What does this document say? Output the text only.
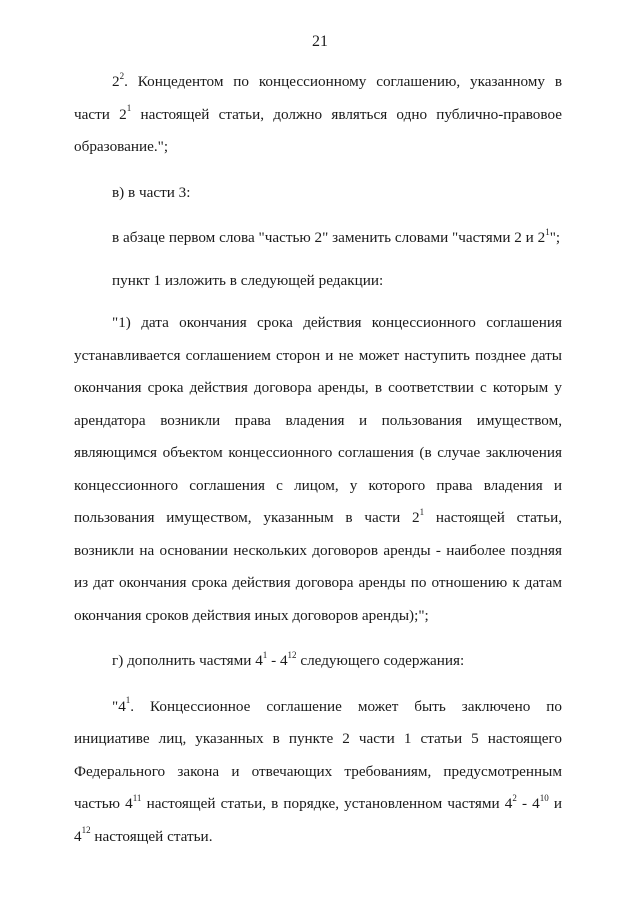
21

$2^2$. Концедентом по концессионному соглашению, указанному в части $2^1$ настоящей статьи, должно являться одно публично-правовое образование.";

в) в части 3:

в абзаце первом слова "частью 2" заменить словами "частями 2 и $2^1$";

пункт 1 изложить в следующей редакции:

"1) дата окончания срока действия концессионного соглашения устанавливается соглашением сторон и не может наступить позднее даты окончания срока действия договора аренды, в соответствии с которым у арендатора возникли права владения и пользования имуществом, являющимся объектом концессионного соглашения (в случае заключения концессионного соглашения с лицом, у которого права владения и пользования имуществом, указанным в части $2^1$ настоящей статьи, возникли на основании нескольких договоров аренды - наиболее поздняя из дат окончания срока действия договора аренды по отношению к датам окончания сроков действия иных договоров аренды);";

г) дополнить частями $4^1 - 4^{12}$ следующего содержания:

"$4^1$. Концессионное соглашение может быть заключено по инициативе лиц, указанных в пункте 2 части 1 статьи 5 настоящего Федерального закона и отвечающих требованиям, предусмотренным частью $4^{11}$ настоящей статьи, в порядке, установленном частями $4^2 - 4^{10}$ и $4^{12}$ настоящей статьи.
